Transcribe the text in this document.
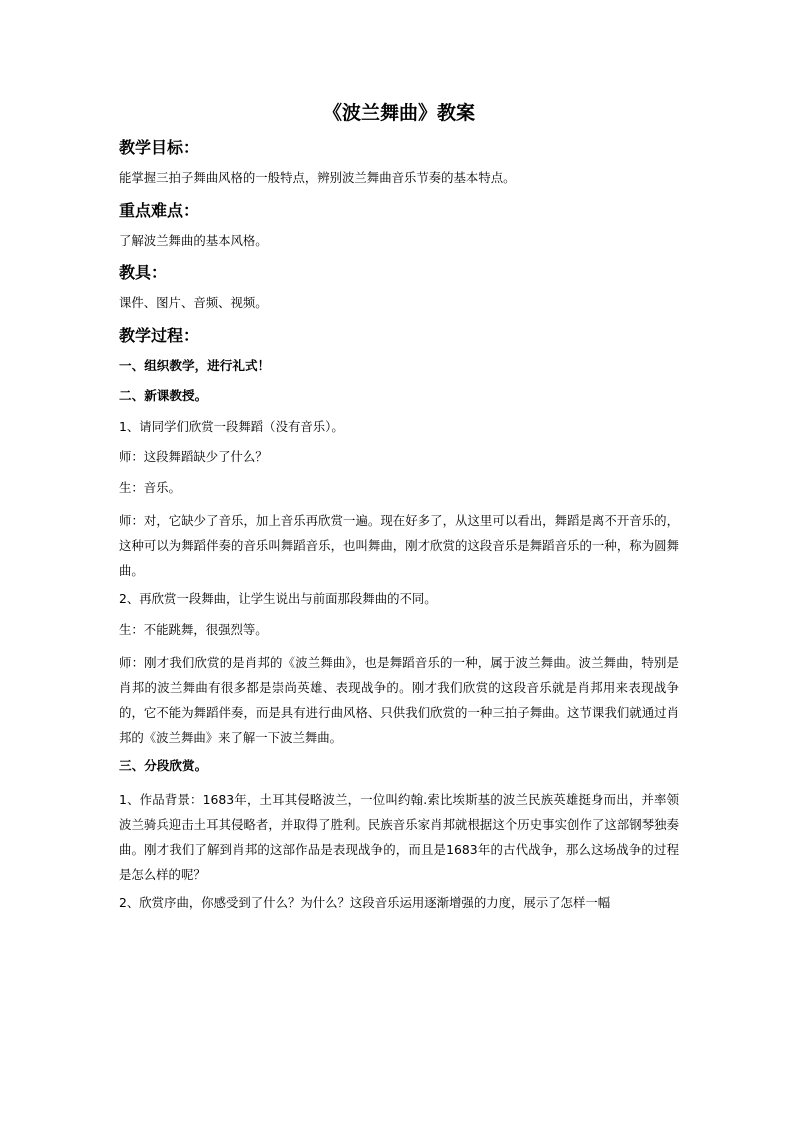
《波兰舞曲》教案
教学目标：
能掌握三拍子舞曲风格的一般特点，辨别波兰舞曲音乐节奏的基本特点。
重点难点：
了解波兰舞曲的基本风格。
教具：
课件、图片、音频、视频。
教学过程：
一、组织教学，进行礼式！
二、新课教授。
1、请同学们欣赏一段舞蹈（没有音乐）。
师：这段舞蹈缺少了什么？
生：音乐。
师：对，它缺少了音乐，加上音乐再欣赏一遍。现在好多了，从这里可以看出，舞蹈是离不开音乐的，这种可以为舞蹈伴奏的音乐叫舞蹈音乐，也叫舞曲，刚才欣赏的这段音乐是舞蹈音乐的一种，称为圆舞曲。
2、再欣赏一段舞曲，让学生说出与前面那段舞曲的不同。
生：不能跳舞，很强烈等。
师：刚才我们欣赏的是肖邦的《波兰舞曲》，也是舞蹈音乐的一种，属于波兰舞曲。波兰舞曲，特别是肖邦的波兰舞曲有很多都是崇尚英雄、表现战争的。刚才我们欣赏的这段音乐就是肖邦用来表现战争的，它不能为舞蹈伴奏，而是具有进行曲风格、只供我们欣赏的一种三拍子舞曲。这节课我们就通过肖邦的《波兰舞曲》来了解一下波兰舞曲。
三、分段欣赏。
1、作品背景：1683年，土耳其侵略波兰，一位叫约翰.索比埃斯基的波兰民族英雄挺身而出，并率领波兰骑兵迎击土耳其侵略者，并取得了胜利。民族音乐家肖邦就根据这个历史事实创作了这部钢琴独奏曲。刚才我们了解到肖邦的这部作品是表现战争的，而且是1683年的古代战争，那么这场战争的过程是怎么样的呢？
2、欣赏序曲，你感受到了什么？为什么？这段音乐运用逐渐增强的力度，展示了怎样一幅
